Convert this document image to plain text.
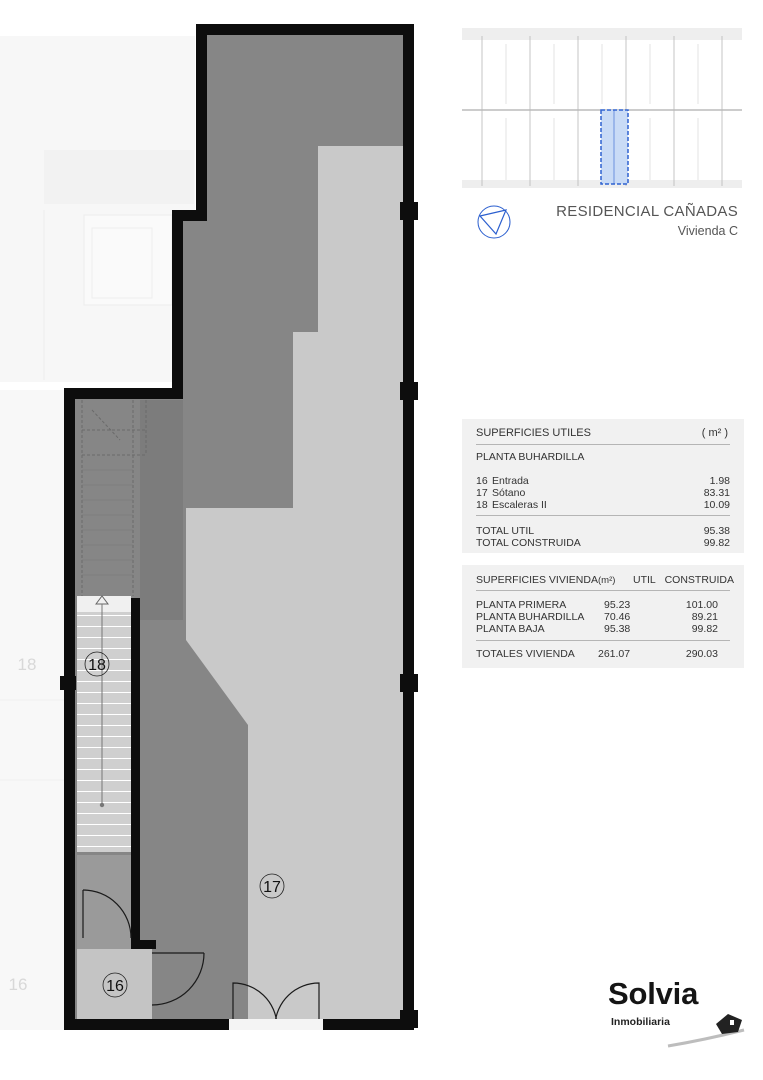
18
17
16
18
16
RESIDENCIAL CAÑADAS
Vivienda C
SUPERFICIES UTILES	( m² )
PLANTA BUHARDILLA
16 Entrada	1.98
17 Sótano	83.31
18 Escaleras II	10.09
TOTAL UTIL	95.38
TOTAL CONSTRUIDA	99.82
SUPERFICIES VIVIENDA (m²) UTIL CONSTRUIDA
PLANTA PRIMERA	95.23	101.00
PLANTA BUHARDILLA 70.46	89.21
PLANTA BAJA	95.38	99.82
TOTALES VIVIENDA 261.07	290.03
Solvia
Inmobiliaria
